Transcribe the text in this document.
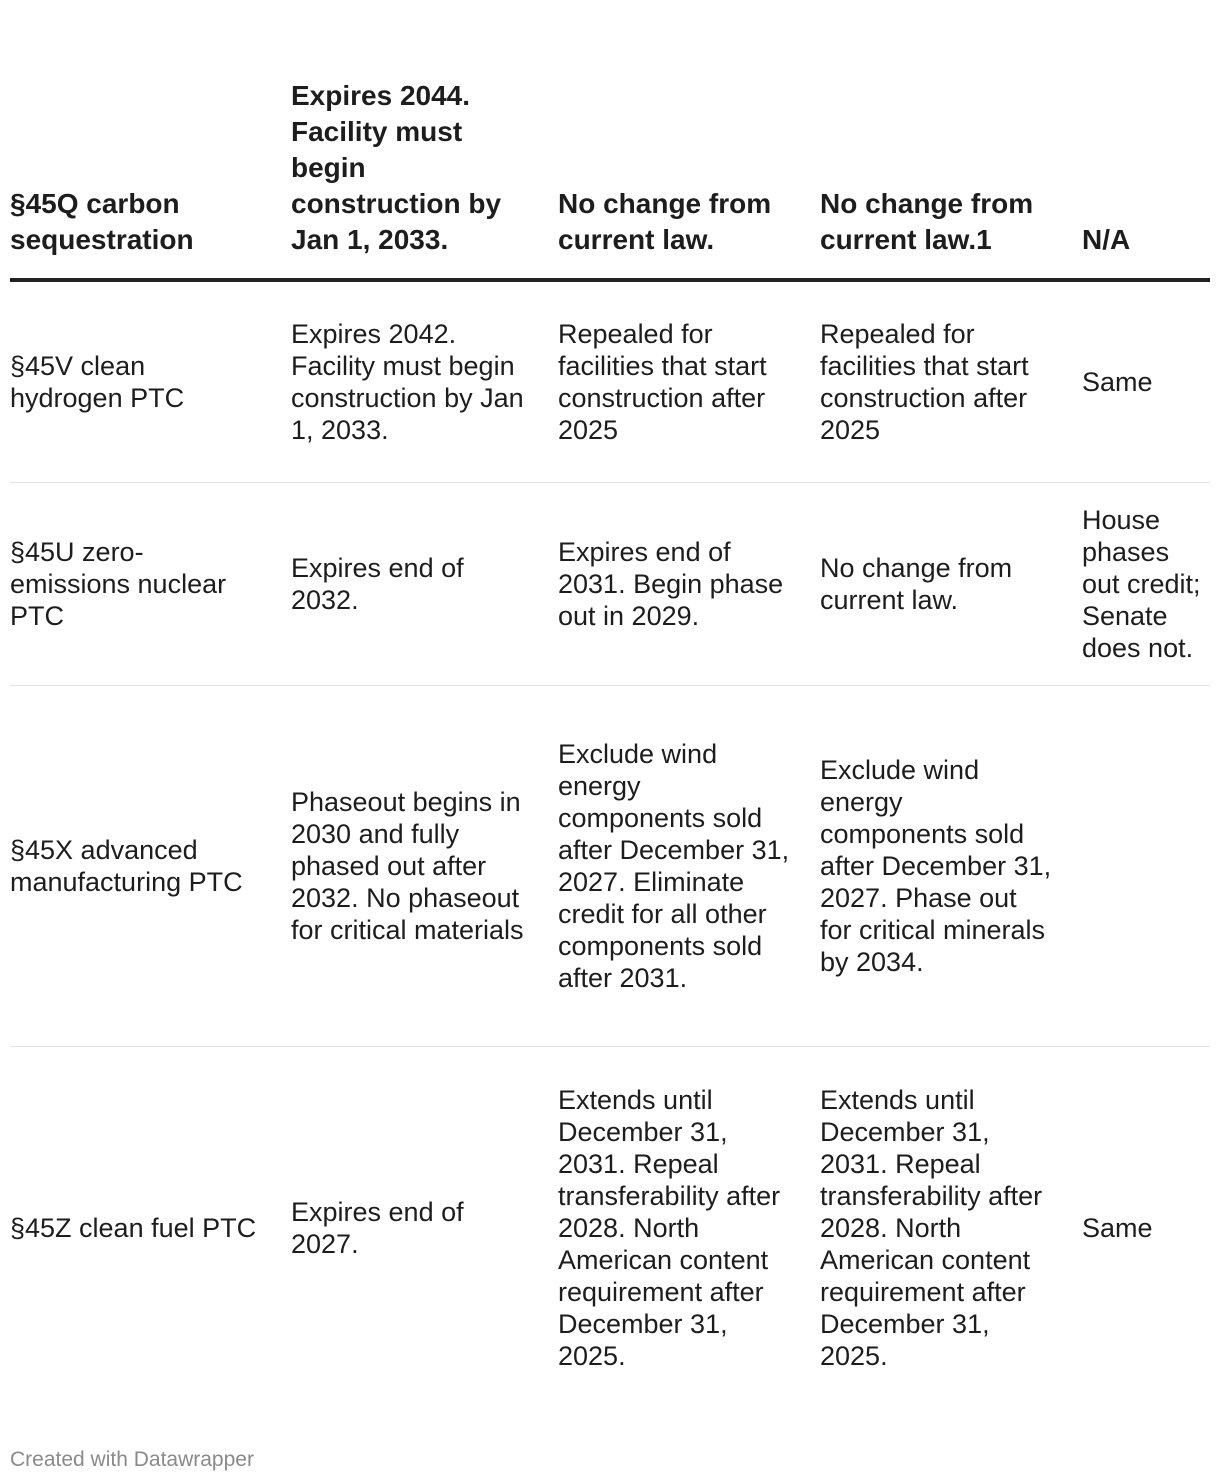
§45Q carbon sequestration	Expires 2044. Facility must begin construction by Jan 1, 2033.	No change from current law.	No change from current law.1	N/A

§45V clean hydrogen PTC	Expires 2042. Facility must begin construction by Jan 1, 2033.	Repealed for facilities that start construction after 2025	Repealed for facilities that start construction after 2025	Same

§45U zero-emissions nuclear PTC	Expires end of 2032.	Expires end of 2031. Begin phase out in 2029.	No change from current law.	House phases out credit; Senate does not.

§45X advanced manufacturing PTC	Phaseout begins in 2030 and fully phased out after 2032. No phaseout for critical materials	Exclude wind energy components sold after December 31, 2027. Eliminate credit for all other components sold after 2031.	Exclude wind energy components sold after December 31, 2027. Phase out for critical minerals by 2034.	

§45Z clean fuel PTC	Expires end of 2027.	Extends until December 31, 2031. Repeal transferability after 2028. North American content requirement after December 31, 2025.	Extends until December 31, 2031. Repeal transferability after 2028. North American content requirement after December 31, 2025.	Same
Created with Datawrapper
